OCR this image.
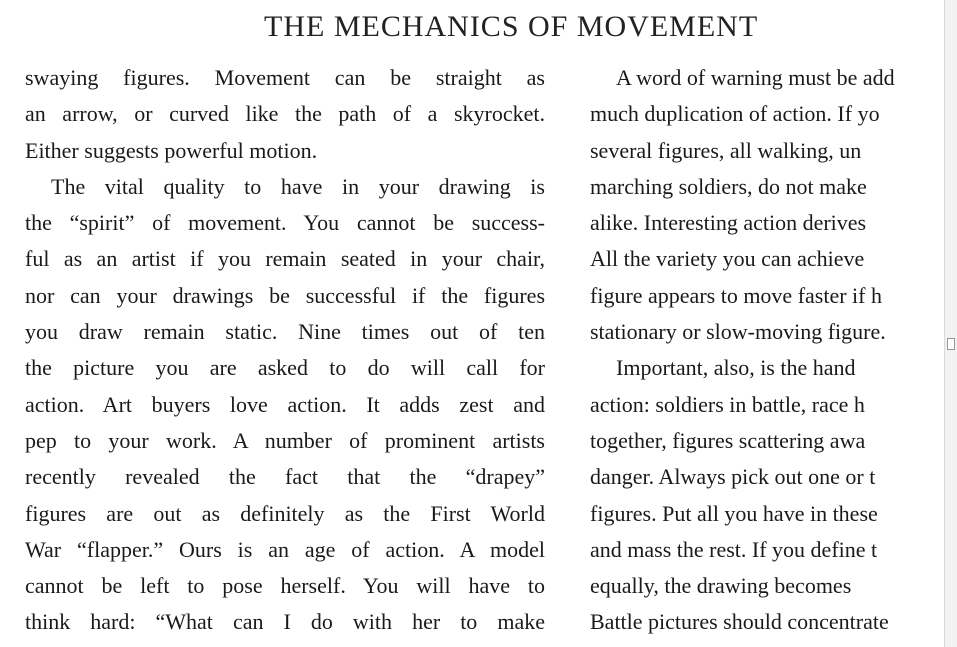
THE MECHANICS OF MOVEMENT
swaying figures. Movement can be straight as
an arrow, or curved like the path of a skyrocket.
Either suggests powerful motion.
The vital quality to have in your drawing is
the “spirit” of movement. You cannot be success-
ful as an artist if you remain seated in your chair,
nor can your drawings be successful if the figures
you draw remain static. Nine times out of ten
the picture you are asked to do will call for
action. Art buyers love action. It adds zest and
pep to your work. A number of prominent artists
recently revealed the fact that the “drapey”
figures are out as definitely as the First World
War “flapper.” Ours is an age of action. A model
cannot be left to pose herself. You will have to
think hard: “What can I do with her to make
A word of warning must be add
much duplication of action. If yo
several figures, all walking, un
marching soldiers, do not make
alike. Interesting action derives
All the variety you can achieve
figure appears to move faster if h
stationary or slow-moving figure.
Important, also, is the hand
action: soldiers in battle, race h
together, figures scattering awa
danger. Always pick out one or t
figures. Put all you have in these
and mass the rest. If you define t
equally, the drawing becomes
Battle pictures should concentrate
